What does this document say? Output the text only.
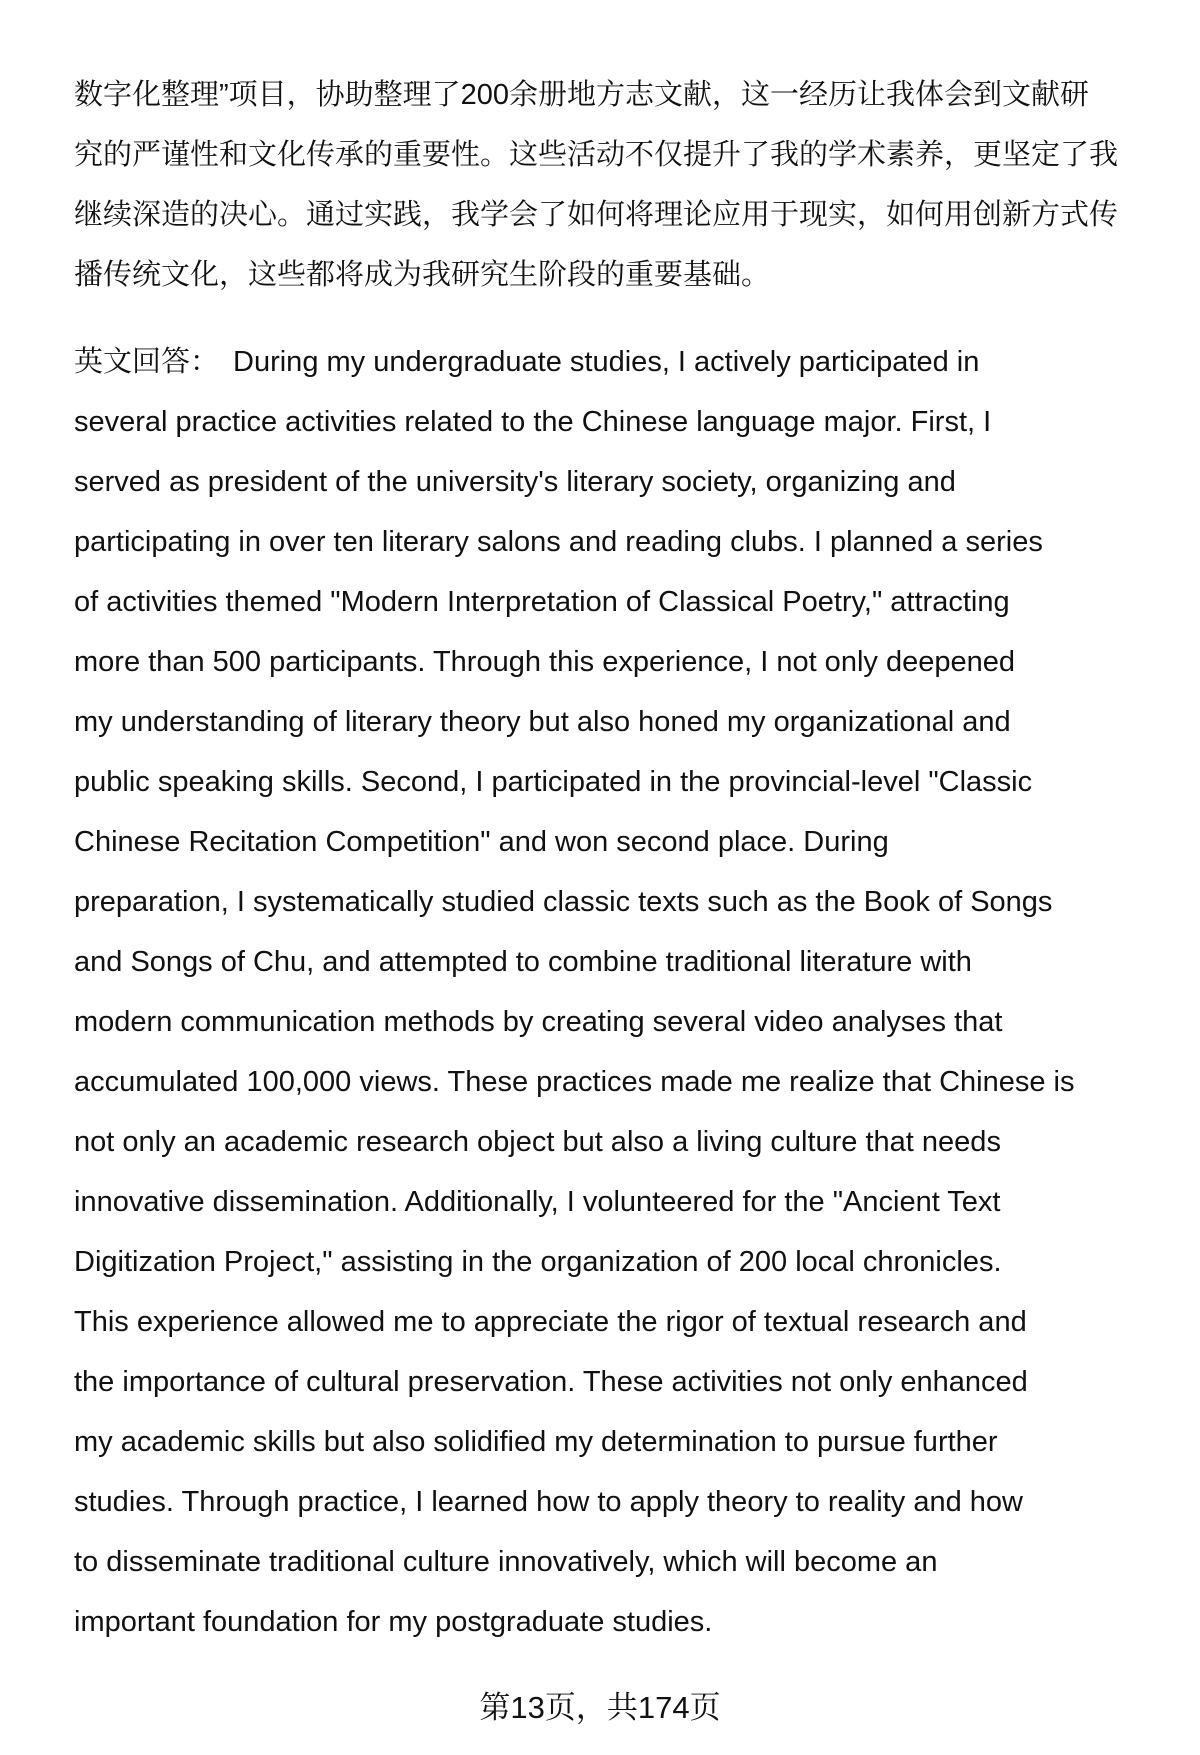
数字化整理”项目，协助整理了200余册地方志文献，这一经历让我体会到文献研
究的严谨性和文化传承的重要性。这些活动不仅提升了我的学术素养，更坚定了我
继续深造的决心。通过实践，我学会了如何将理论应用于现实，如何用创新方式传
播传统文化，这些都将成为我研究生阶段的重要基础。
英文回答： During my undergraduate studies, I actively participated in
several practice activities related to the Chinese language major. First, I
served as president of the university's literary society, organizing and
participating in over ten literary salons and reading clubs. I planned a series
of activities themed "Modern Interpretation of Classical Poetry," attracting
more than 500 participants. Through this experience, I not only deepened
my understanding of literary theory but also honed my organizational and
public speaking skills. Second, I participated in the provincial-level "Classic
Chinese Recitation Competition" and won second place. During
preparation, I systematically studied classic texts such as the Book of Songs
and Songs of Chu, and attempted to combine traditional literature with
modern communication methods by creating several video analyses that
accumulated 100,000 views. These practices made me realize that Chinese is
not only an academic research object but also a living culture that needs
innovative dissemination. Additionally, I volunteered for the "Ancient Text
Digitization Project," assisting in the organization of 200 local chronicles.
This experience allowed me to appreciate the rigor of textual research and
the importance of cultural preservation. These activities not only enhanced
my academic skills but also solidified my determination to pursue further
studies. Through practice, I learned how to apply theory to reality and how
to disseminate traditional culture innovatively, which will become an
important foundation for my postgraduate studies.
第13页，共174页
